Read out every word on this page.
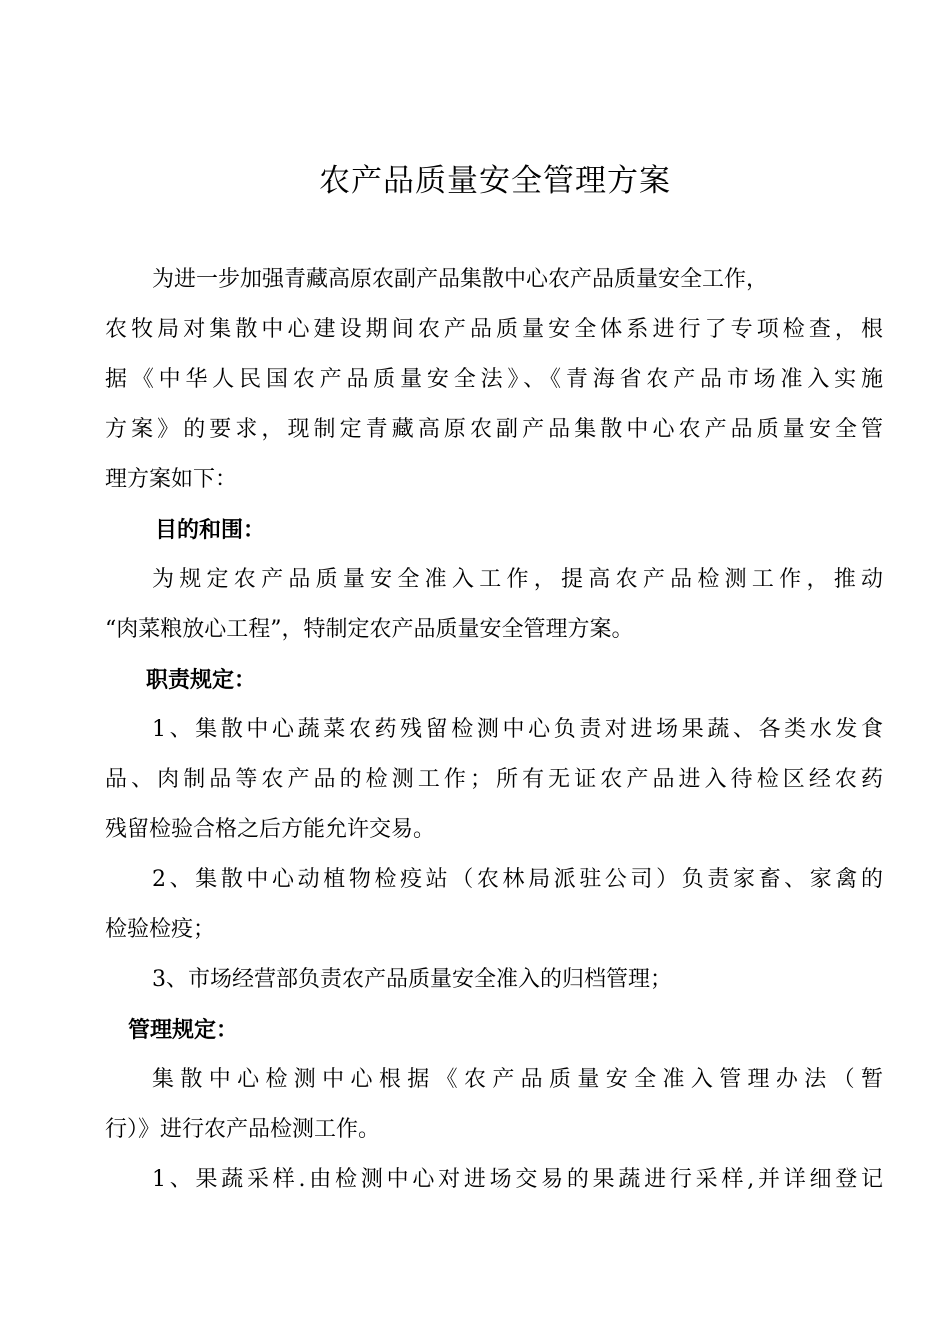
农产品质量安全管理方案
为进一步加强青藏高原农副产品集散中心农产品质量安全工作，
农牧局对集散中心建设期间农产品质量安全体系进行了专项检查，根
据《中华人民国农产品质量安全法》、《青海省农产品市场准入实施
方案》的要求，现制定青藏高原农副产品集散中心农产品质量安全管
理方案如下：
目的和围：
为规定农产品质量安全准入工作，提高农产品检测工作，推动
“肉菜粮放心工程”，特制定农产品质量安全管理方案。
职责规定：
1、集散中心蔬菜农药残留检测中心负责对进场果蔬、各类水发食
品、肉制品等农产品的检测工作；所有无证农产品进入待检区经农药
残留检验合格之后方能允许交易。
2、集散中心动植物检疫站（农林局派驻公司）负责家畜、家禽的
检验检疫；
3、市场经营部负责农产品质量安全准入的归档管理；
管理规定：
集散中心检测中心根据《农产品质量安全准入管理办法（暂
行）》进行农产品检测工作。
1、果蔬采样.由检测中心对进场交易的果蔬进行采样,并详细登记
